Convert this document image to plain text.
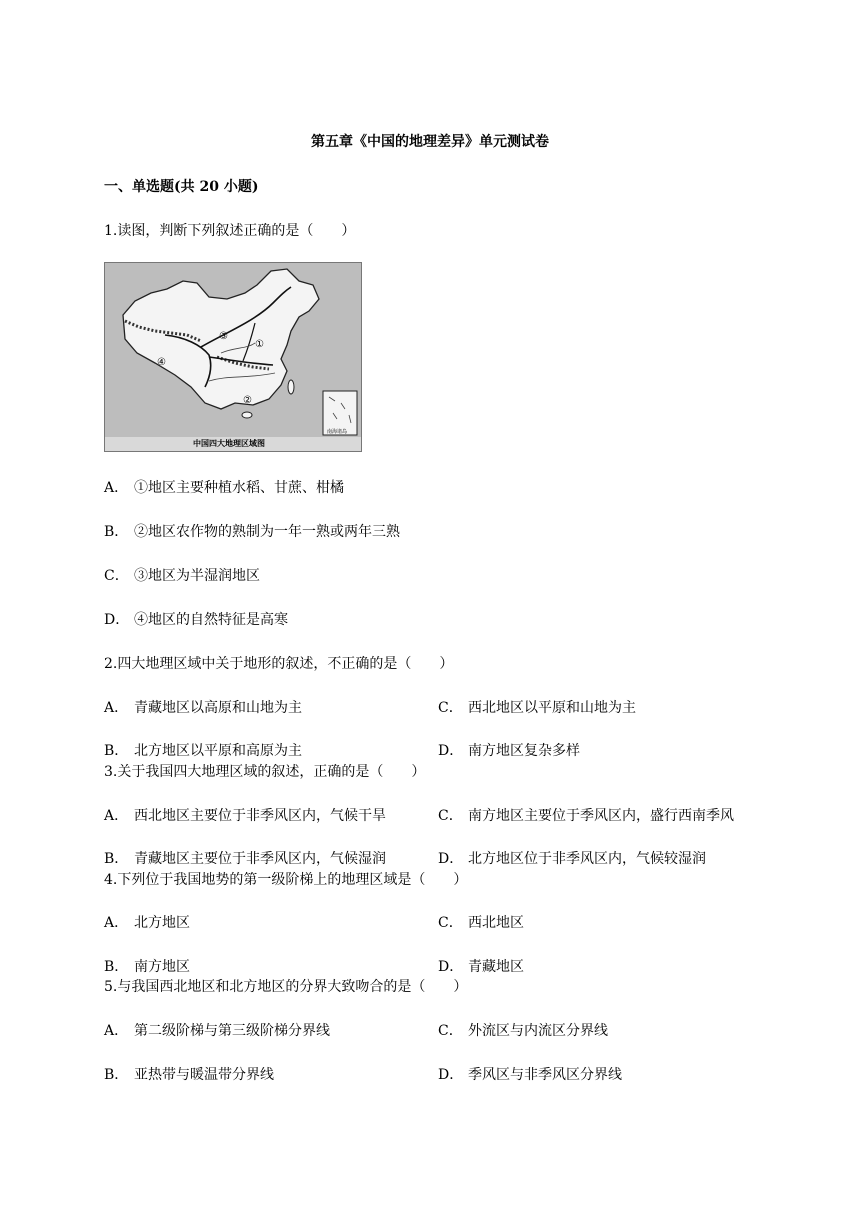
第五章《中国的地理差异》单元测试卷
一、单选题(共 20 小题)
1.读图，判断下列叙述正确的是（　　）
③
①
④
②
南海诸岛
中国四大地理区域图
A． ①地区主要种植水稻、甘蔗、柑橘
B． ②地区农作物的熟制为一年一熟或两年三熟
C． ③地区为半湿润地区
D． ④地区的自然特征是高寒
2.四大地理区域中关于地形的叙述，不正确的是（　　）
A． 青藏地区以高原和山地为主	C． 西北地区以平原和山地为主
B． 北方地区以平原和高原为主	D． 南方地区复杂多样
3.关于我国四大地理区域的叙述，正确的是（　　）
A． 西北地区主要位于非季风区内，气候干旱	C． 南方地区主要位于季风区内，盛行西南季风
B． 青藏地区主要位于非季风区内，气候湿润	D． 北方地区位于非季风区内，气候较湿润
4.下列位于我国地势的第一级阶梯上的地理区域是（　　）
A． 北方地区	C． 西北地区
B． 南方地区	D． 青藏地区
5.与我国西北地区和北方地区的分界大致吻合的是（　　）
A． 第二级阶梯与第三级阶梯分界线	C． 外流区与内流区分界线
B． 亚热带与暖温带分界线	D． 季风区与非季风区分界线
